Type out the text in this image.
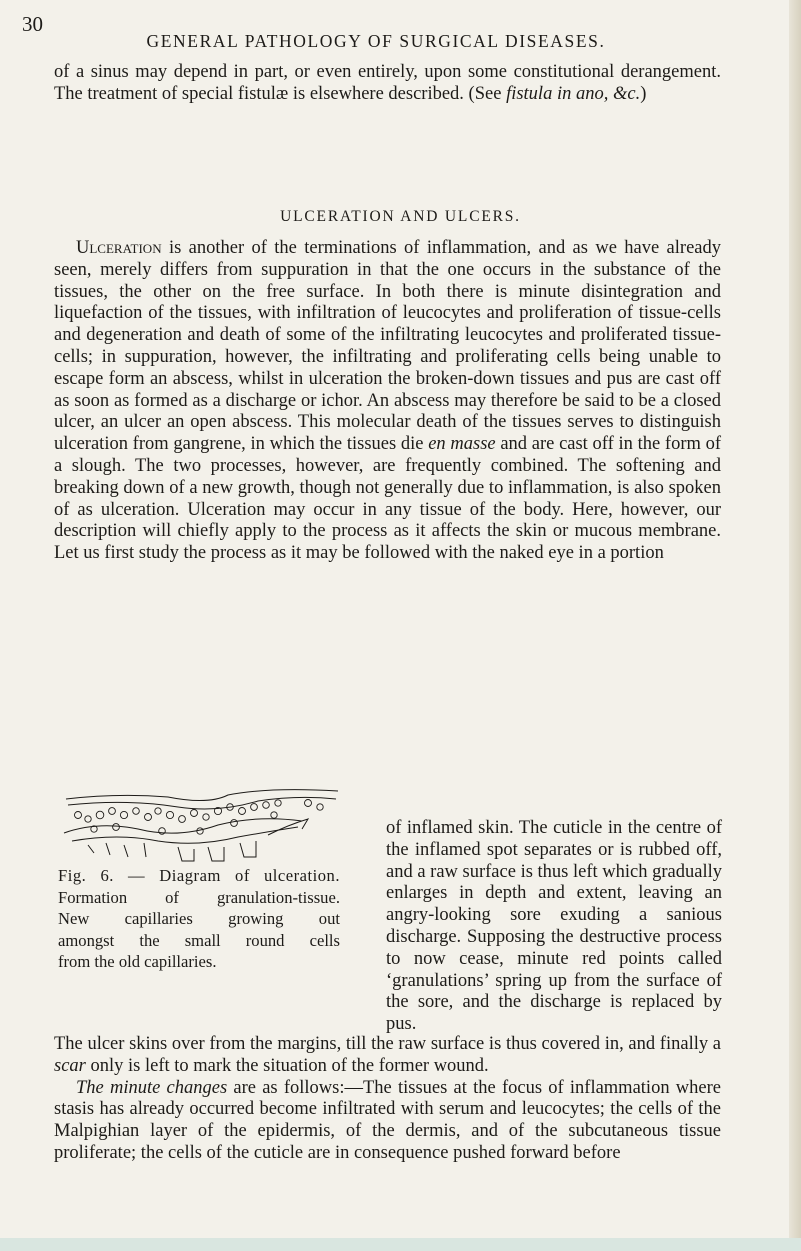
30
GENERAL PATHOLOGY OF SURGICAL DISEASES.

of a sinus may depend in part, or even entirely, upon some constitutional derangement. The treatment of special fistulæ is elsewhere described. (See fistula in ano, &c.)

ULCERATION AND ULCERS.

Ulceration is another of the terminations of inflammation, and as we have already seen, merely differs from suppuration in that the one occurs in the substance of the tissues, the other on the free surface. In both there is minute disintegration and liquefaction of the tissues, with infiltration of leucocytes and proliferation of tissue-cells and degeneration and death of some of the infiltrating leucocytes and proliferated tissue-cells; in suppuration, however, the infiltrating and proliferating cells being unable to escape form an abscess, whilst in ulceration the broken-down tissues and pus are cast off as soon as formed as a discharge or ichor. An abscess may therefore be said to be a closed ulcer, an ulcer an open abscess. This molecular death of the tissues serves to distinguish ulceration from gangrene, in which the tissues die en masse and are cast off in the form of a slough. The two processes, however, are frequently combined. The softening and breaking down of a new growth, though not generally due to inflammation, is also spoken of as ulceration. Ulceration may occur in any tissue of the body. Here, however, our description will chiefly apply to the process as it affects the skin or mucous membrane. Let us first study the process as it may be followed with the naked eye in a portion

Fig. 6. — Diagram of ulceration.
Formation of granulation-tissue.
New capillaries growing out
amongst the small round cells
from the old capillaries.
of inflamed skin. The cuticle in the centre of the inflamed spot separates or is rubbed off, and a raw surface is thus left which gradually enlarges in depth and extent, leaving an angry-looking sore exuding a sanious discharge. Supposing the destructive process to now cease, minute red points called ‘granulations’ spring up from the surface of the sore, and the discharge is replaced by pus.

The ulcer skins over from the margins, till the raw surface is thus covered in, and finally a scar only is left to mark the situation of the former wound.

The minute changes are as follows:—The tissues at the focus of inflammation where stasis has already occurred become infiltrated with serum and leucocytes; the cells of the Malpighian layer of the epidermis, of the dermis, and of the subcutaneous tissue proliferate; the cells of the cuticle are in consequence pushed forward before
